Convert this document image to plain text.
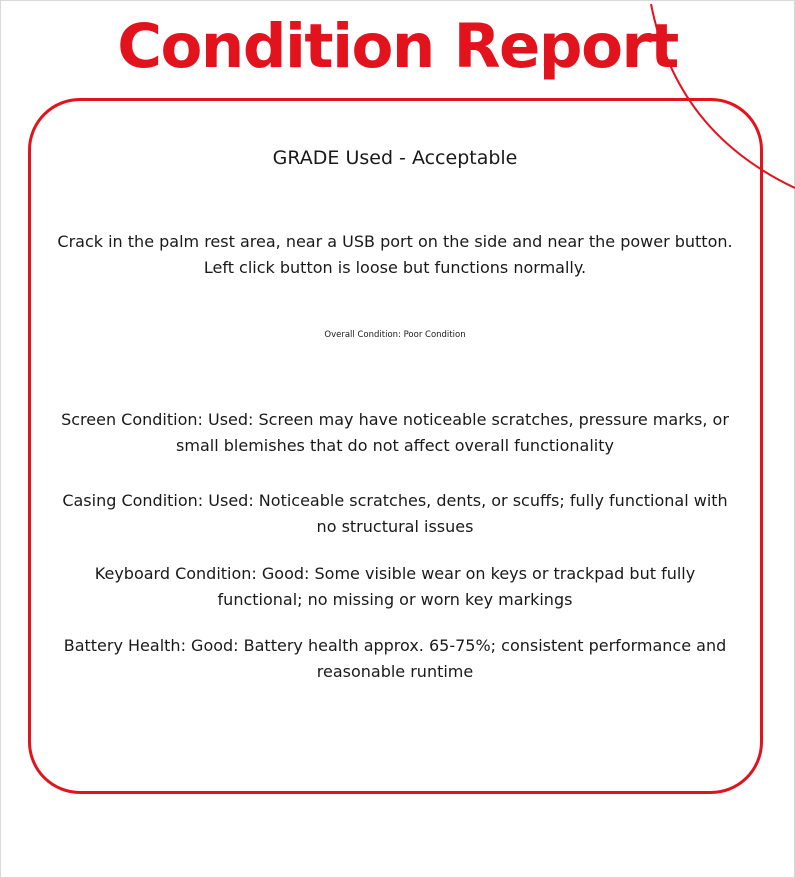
Condition Report

GRADE Used - Acceptable

Crack in the palm rest area, near a USB port on the side and near the power button. Left click button is loose but functions normally.

Overall Condition: Poor Condition

Screen Condition: Used: Screen may have noticeable scratches, pressure marks, or small blemishes that do not affect overall functionality

Casing Condition: Used: Noticeable scratches, dents, or scuffs; fully functional with no structural issues

Keyboard Condition: Good: Some visible wear on keys or trackpad but fully functional; no missing or worn key markings

Battery Health: Good: Battery health approx. 65-75%; consistent performance and reasonable runtime
